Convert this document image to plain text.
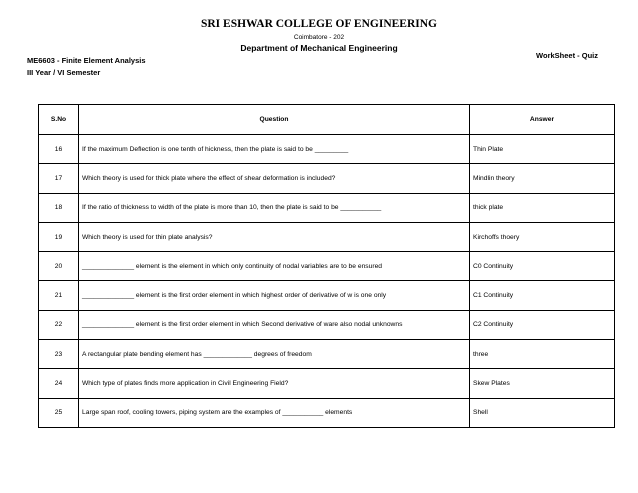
SRI ESHWAR COLLEGE OF ENGINEERING
Coimbatore - 202
Department of Mechanical Engineering
ME6603 - Finite Element Analysis
WorkSheet - Quiz
III Year / VI Semester
S.No	Question	Answer
16	If the maximum Deflection is one tenth of hickness, then the plate is said to be _________	Thin Plate
17	Which theory is used for thick plate where the effect of shear deformation is included?	Mindlin theory
18	If the ratio of thickness to width of the plate is more than 10, then the plate is said to be ___________	thick plate
19	Which theory is used for thin plate analysis?	Kirchoffs thoery
20	______________ element is the element in which only continuity of nodal variables are to be ensured	C0 Continuity
21	______________ element is the first order element in which highest order of derivative of w is one only	C1 Continuity
22	______________ element is the first order element in which Second derivative of ware also nodal unknowns	C2 Continuity
23	A rectangular plate bending element has _____________ degrees of freedom	three
24	Which type of plates finds more application in Civil Engineering Field?	Skew Plates
25	Large span roof, cooling towers, piping system are the examples of ___________ elements	Shell
